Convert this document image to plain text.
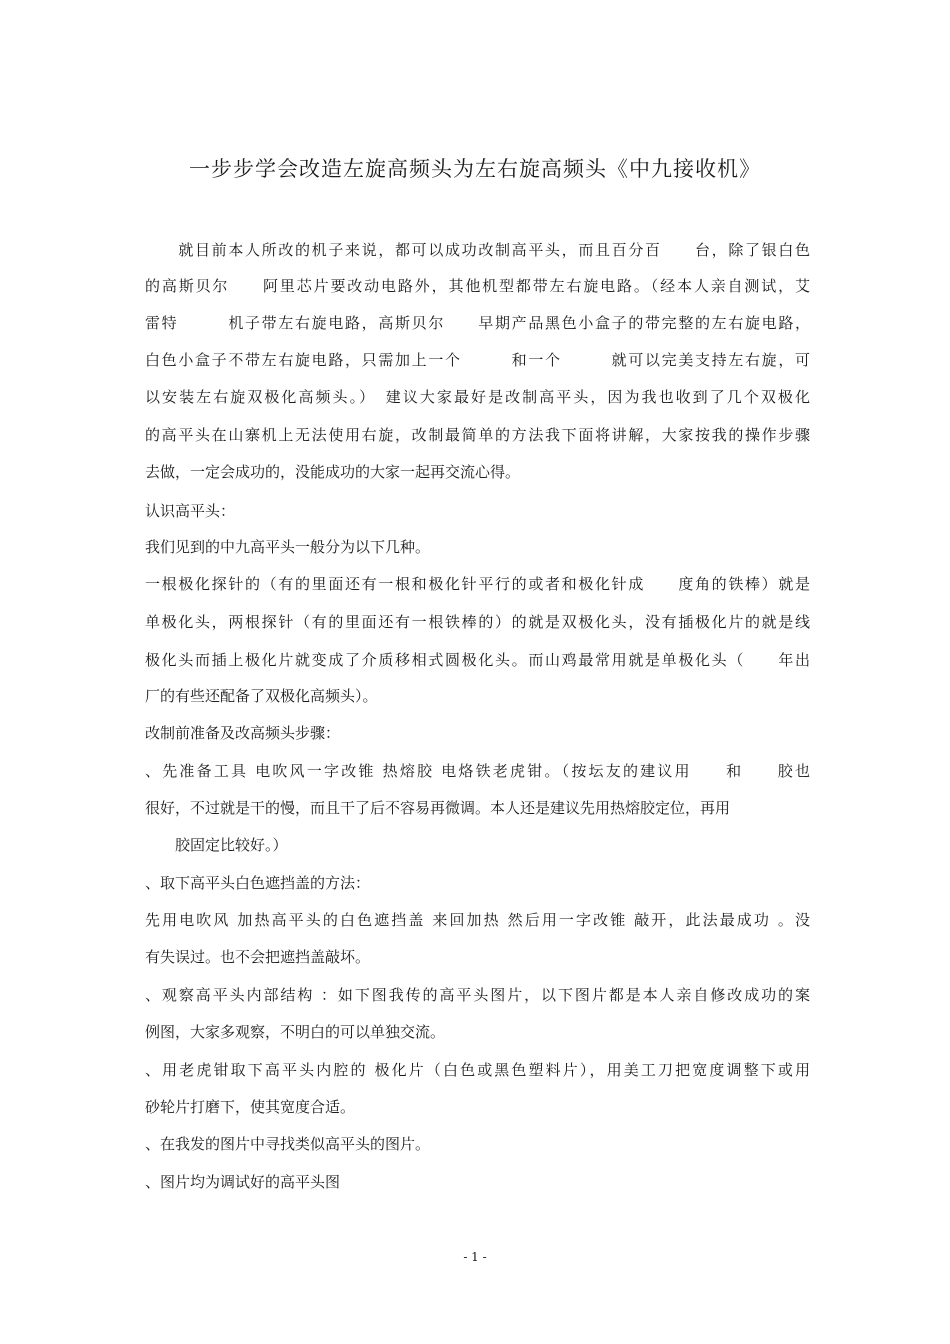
一步步学会改造左旋高频头为左右旋高频头《中九接收机》
　　就目前本人所改的机子来说，都可以成功改制高平头，而且百分百　　台，除了银白色
的高斯贝尔　　阿里芯片要改动电路外，其他机型都带左右旋电路。（经本人亲自测试，艾
雷特　　　机子带左右旋电路，高斯贝尔　　早期产品黑色小盒子的带完整的左右旋电路，
白色小盒子不带左右旋电路，只需加上一个　　　和一个　　　就可以完美支持左右旋，可
以安装左右旋双极化高频头。）　建议大家最好是改制高平头，因为我也收到了几个双极化
的高平头在山寨机上无法使用右旋，改制最简单的方法我下面将讲解，大家按我的操作步骤
去做，一定会成功的，没能成功的大家一起再交流心得。
认识高平头：
我们见到的中九高平头一般分为以下几种。
一根极化探针的（有的里面还有一根和极化针平行的或者和极化针成　　度角的铁棒）就是
单极化头，两根探针（有的里面还有一根铁棒的）的就是双极化头，没有插极化片的就是线
极化头而插上极化片就变成了介质移相式圆极化头。而山鸡最常用就是单极化头（　　年出
厂的有些还配备了双极化高频头）。
改制前准备及改高频头步骤：
、先准备工具 电吹风一字改锥 热熔胶 电烙铁老虎钳。（按坛友的建议用　　和　　胶也
很好，不过就是干的慢，而且干了后不容易再微调。本人还是建议先用热熔胶定位，再用
　　胶固定比较好。）
、取下高平头白色遮挡盖的方法：
先用电吹风 加热高平头的白色遮挡盖 来回加热 然后用一字改锥 敲开，此法最成功 。没
有失误过。也不会把遮挡盖敲坏。
、观察高平头内部结构 ：如下图我传的高平头图片，以下图片都是本人亲自修改成功的案
例图，大家多观察，不明白的可以单独交流。
、用老虎钳取下高平头内腔的 极化片（白色或黑色塑料片），用美工刀把宽度调整下或用
砂轮片打磨下，使其宽度合适。
、在我发的图片中寻找类似高平头的图片。
、图片均为调试好的高平头图
- 1 -
